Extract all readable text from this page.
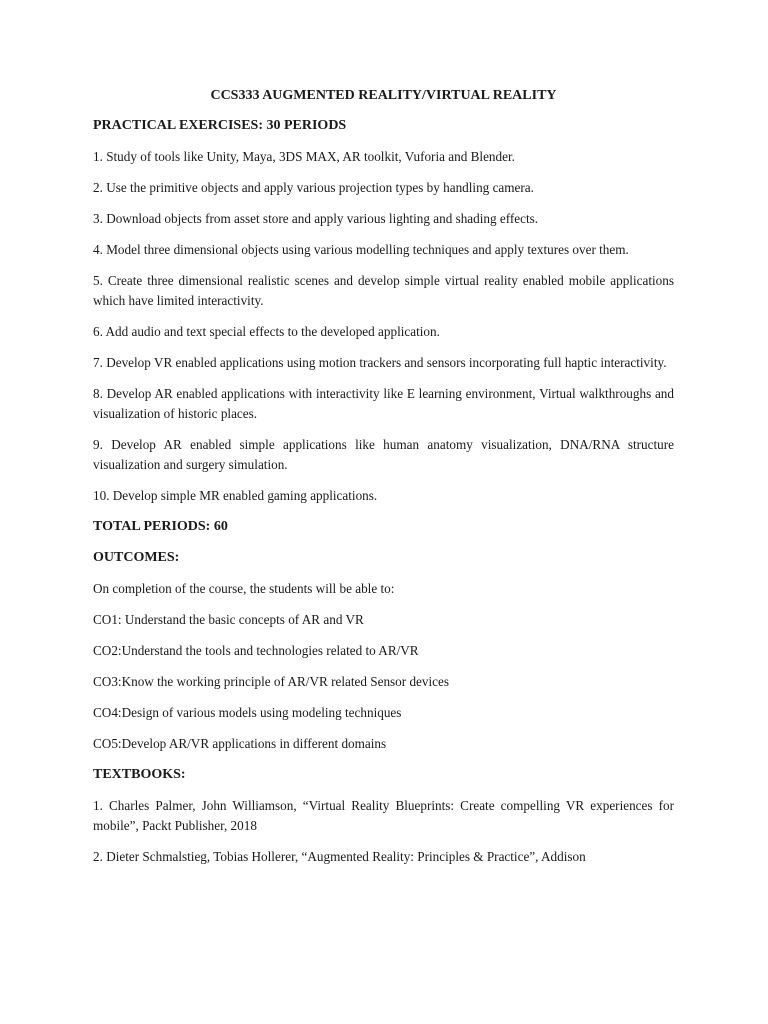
CCS333 AUGMENTED REALITY/VIRTUAL REALITY
PRACTICAL EXERCISES: 30 PERIODS
1. Study of tools like Unity, Maya, 3DS MAX, AR toolkit, Vuforia and Blender.
2. Use the primitive objects and apply various projection types by handling camera.
3. Download objects from asset store and apply various lighting and shading effects.
4. Model three dimensional objects using various modelling techniques and apply textures over them.
5. Create three dimensional realistic scenes and develop simple virtual reality enabled mobile applications which have limited interactivity.
6. Add audio and text special effects to the developed application.
7. Develop VR enabled applications using motion trackers and sensors incorporating full haptic interactivity.
8. Develop AR enabled applications with interactivity like E learning environment, Virtual walkthroughs and visualization of historic places.
9. Develop AR enabled simple applications like human anatomy visualization, DNA/RNA structure visualization and surgery simulation.
10. Develop simple MR enabled gaming applications.
TOTAL PERIODS: 60
OUTCOMES:
On completion of the course, the students will be able to:
CO1: Understand the basic concepts of AR and VR
CO2:Understand the tools and technologies related to AR/VR
CO3:Know the working principle of AR/VR related Sensor devices
CO4:Design of various models using modeling techniques
CO5:Develop AR/VR applications in different domains
TEXTBOOKS:
1. Charles Palmer, John Williamson, “Virtual Reality Blueprints: Create compelling VR experiences for mobile”, Packt Publisher, 2018
2. Dieter Schmalstieg, Tobias Hollerer, “Augmented Reality: Principles & Practice”, Addison
